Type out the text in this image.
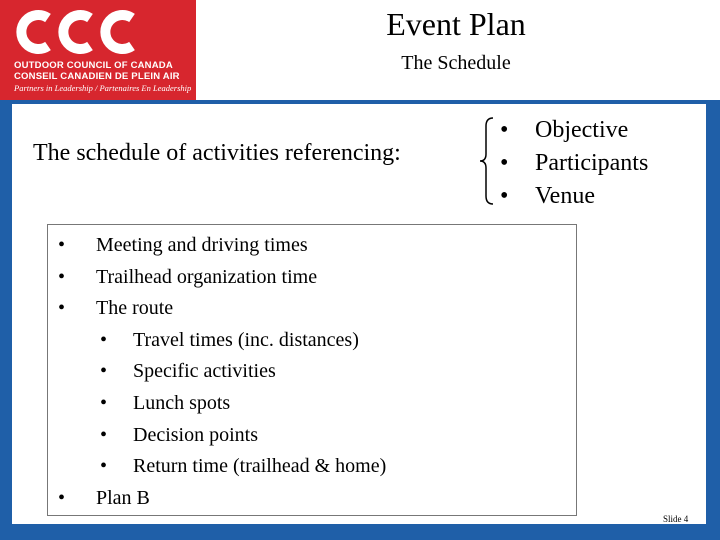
OUTDOOR COUNCIL OF CANADA
CONSEIL CANADIEN DE PLEIN AIR
Partners in Leadership / Partenaires En Leadership
Event Plan
The Schedule
The schedule of activities referencing:
• Objective
• Participants
• Venue
• Meeting and driving times
• Trailhead organization time
• The route
• Travel times (inc. distances)
• Specific activities
• Lunch spots
• Decision points
• Return time (trailhead & home)
• Plan B
Slide 4
